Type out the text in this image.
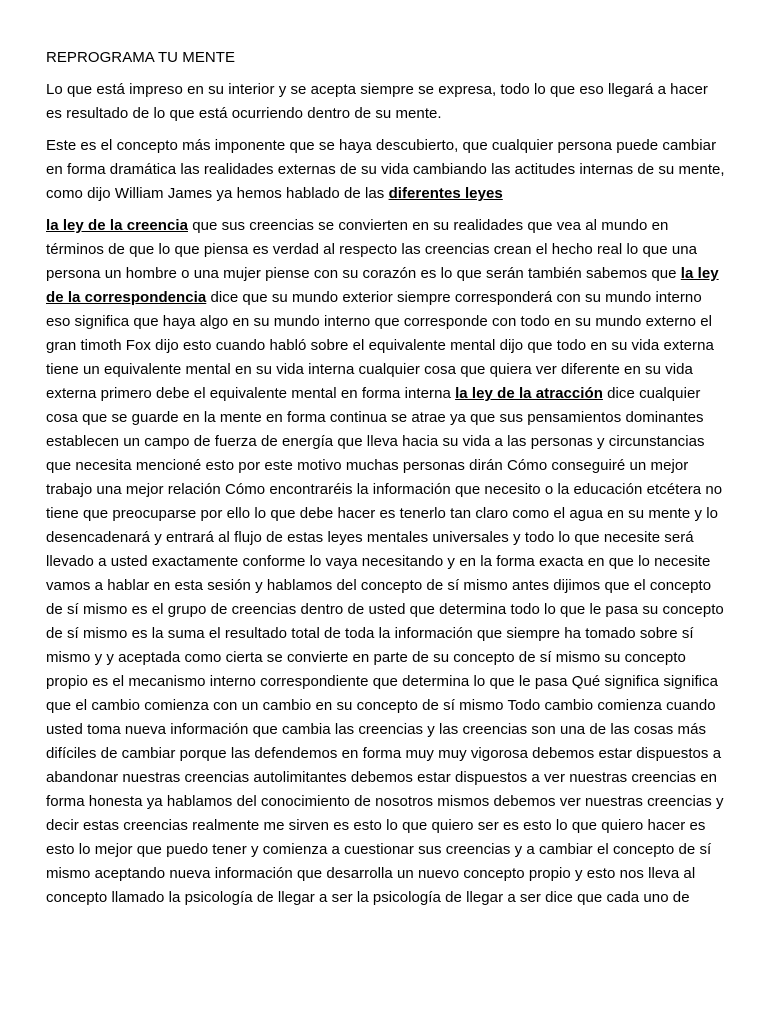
REPROGRAMA TU MENTE

Lo que está impreso en su interior y se acepta siempre se expresa, todo lo que eso llegará a hacer es resultado de lo que está ocurriendo dentro de su mente.

Este es el concepto más imponente que se haya descubierto, que cualquier persona puede cambiar en forma dramática las realidades externas de su vida cambiando las actitudes internas de su mente, como dijo William James ya hemos hablado de las diferentes leyes

la ley de la creencia que sus creencias se convierten en su realidades que vea al mundo en términos de que lo que piensa es verdad al respecto las creencias crean el hecho real lo que una persona un hombre o una mujer piense con su corazón es lo que serán también sabemos que la ley de la correspondencia dice que su mundo exterior siempre corresponderá con su mundo interno eso significa que haya algo en su mundo interno que corresponde con todo en su mundo externo el gran timoth Fox dijo esto cuando habló sobre el equivalente mental dijo que todo en su vida externa tiene un equivalente mental en su vida interna cualquier cosa que quiera ver diferente en su vida externa primero debe el equivalente mental en forma interna la ley de la atracción dice cualquier cosa que se guarde en la mente en forma continua se atrae ya que sus pensamientos dominantes establecen un campo de fuerza de energía que lleva hacia su vida a las personas y circunstancias que necesita mencioné esto por este motivo muchas personas dirán Cómo conseguiré un mejor trabajo una mejor relación Cómo encontraréis la información que necesito o la educación etcétera no tiene que preocuparse por ello lo que debe hacer es tenerlo tan claro como el agua en su mente y lo desencadenará y entrará al flujo de estas leyes mentales universales y todo lo que necesite será llevado a usted exactamente conforme lo vaya necesitando y en la forma exacta en que lo necesite vamos a hablar en esta sesión y hablamos del concepto de sí mismo antes dijimos que el concepto de sí mismo es el grupo de creencias dentro de usted que determina todo lo que le pasa su concepto de sí mismo es la suma el resultado total de toda la información que siempre ha tomado sobre sí mismo y y aceptada como cierta se convierte en parte de su concepto de sí mismo su concepto propio es el mecanismo interno correspondiente que determina lo que le pasa Qué significa significa que el cambio comienza con un cambio en su concepto de sí mismo Todo cambio comienza cuando usted toma nueva información que cambia las creencias y las creencias son una de las cosas más difíciles de cambiar porque las defendemos en forma muy muy vigorosa debemos estar dispuestos a abandonar nuestras creencias autolimitantes debemos estar dispuestos a ver nuestras creencias en forma honesta ya hablamos del conocimiento de nosotros mismos debemos ver nuestras creencias y decir estas creencias realmente me sirven es esto lo que quiero ser es esto lo que quiero hacer es esto lo mejor que puedo tener y comienza a cuestionar sus creencias y a cambiar el concepto de sí mismo aceptando nueva información que desarrolla un nuevo concepto propio y esto nos lleva al concepto llamado la psicología de llegar a ser la psicología de llegar a ser dice que cada uno de
